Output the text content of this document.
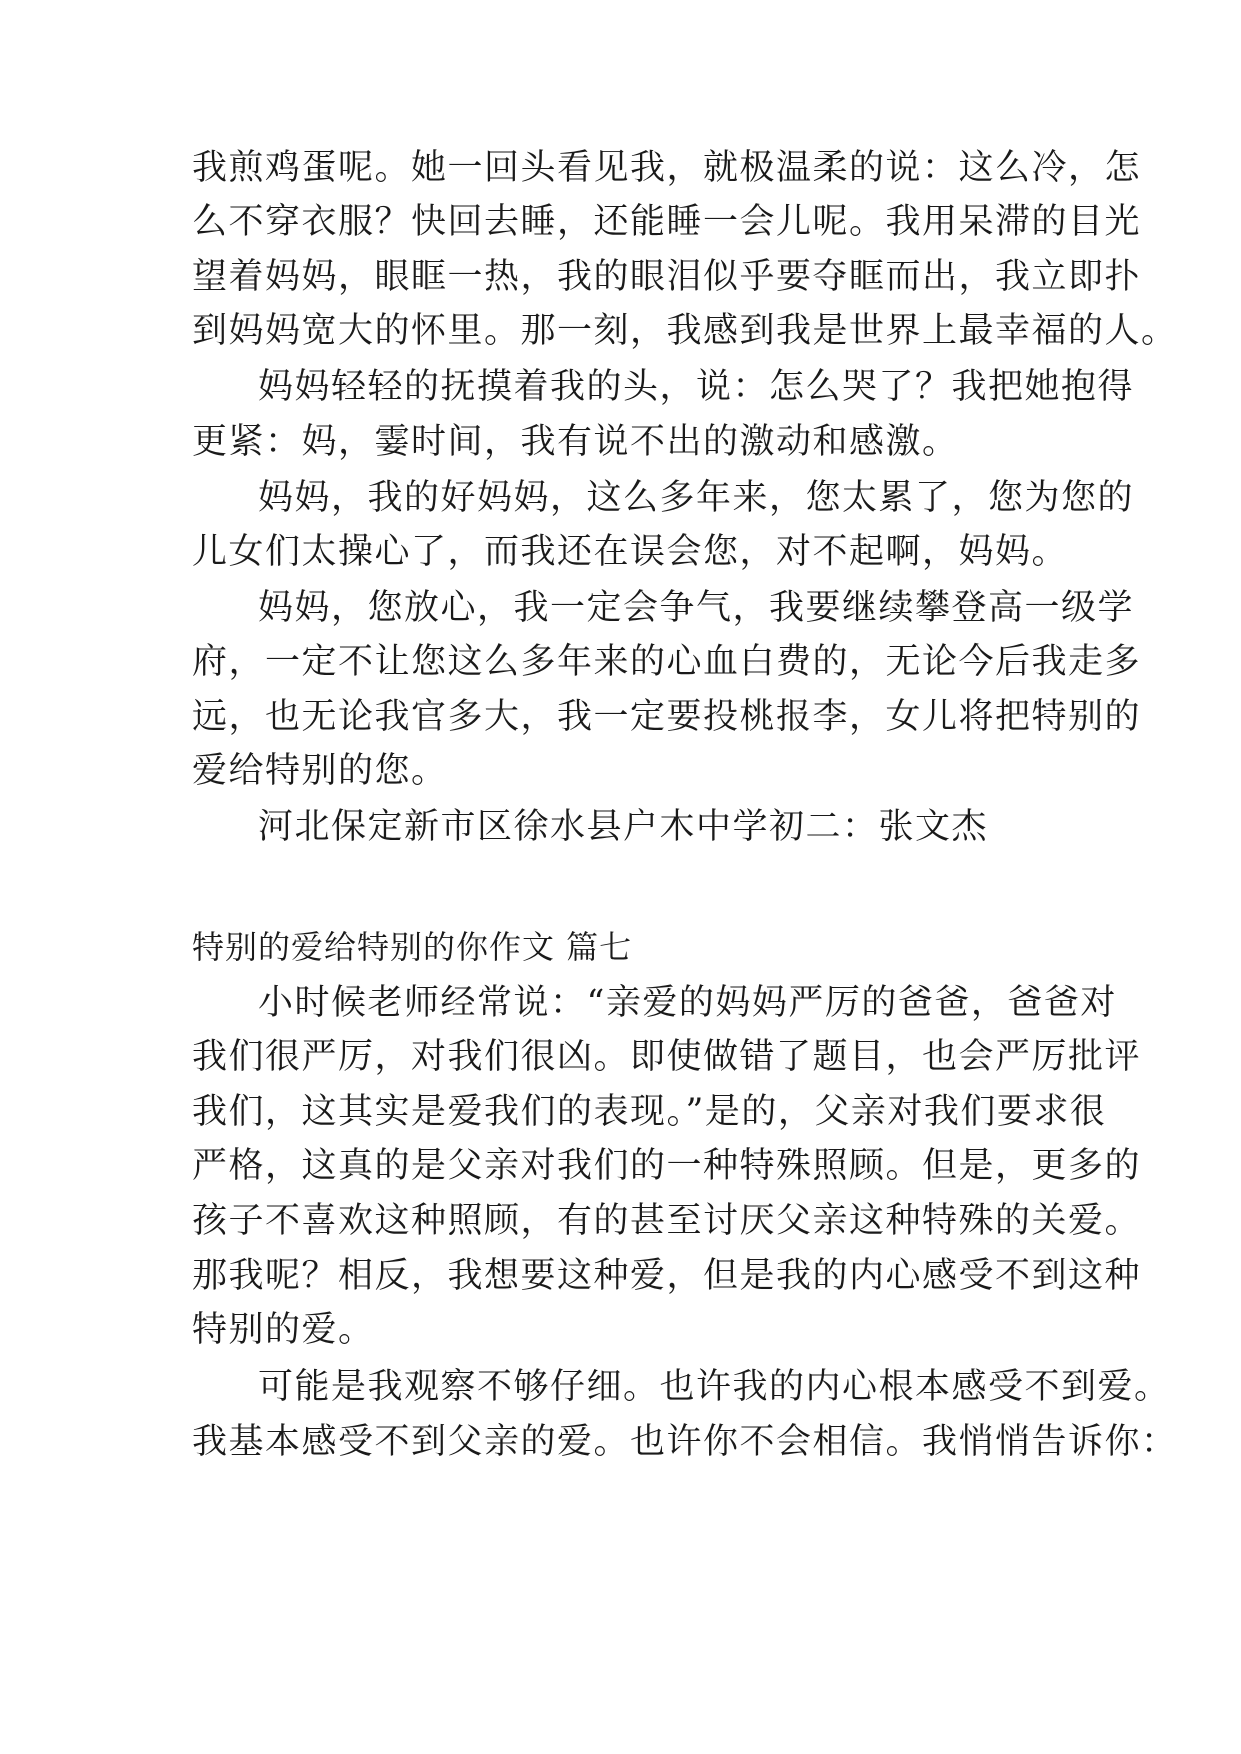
我煎鸡蛋呢。她一回头看见我，就极温柔的说：这么冷，怎
么不穿衣服？快回去睡，还能睡一会儿呢。我用呆滞的目光
望着妈妈，眼眶一热，我的眼泪似乎要夺眶而出，我立即扑
到妈妈宽大的怀里。那一刻，我感到我是世界上最幸福的人。
妈妈轻轻的抚摸着我的头，说：怎么哭了？我把她抱得
更紧：妈，霎时间，我有说不出的激动和感激。
妈妈，我的好妈妈，这么多年来，您太累了，您为您的
儿女们太操心了，而我还在误会您，对不起啊，妈妈。
妈妈，您放心，我一定会争气，我要继续攀登高一级学
府，一定不让您这么多年来的心血白费的，无论今后我走多
远，也无论我官多大，我一定要投桃报李，女儿将把特别的
爱给特别的您。
河北保定新市区徐水县户木中学初二：张文杰
特别的爱给特别的你作文 篇七
小时候老师经常说：“亲爱的妈妈严厉的爸爸，爸爸对
我们很严厉，对我们很凶。即使做错了题目，也会严厉批评
我们，这其实是爱我们的表现。”是的，父亲对我们要求很
严格，这真的是父亲对我们的一种特殊照顾。但是，更多的
孩子不喜欢这种照顾，有的甚至讨厌父亲这种特殊的关爱。
那我呢？相反，我想要这种爱，但是我的内心感受不到这种
特别的爱。
可能是我观察不够仔细。也许我的内心根本感受不到爱。
我基本感受不到父亲的爱。也许你不会相信。我悄悄告诉你：
